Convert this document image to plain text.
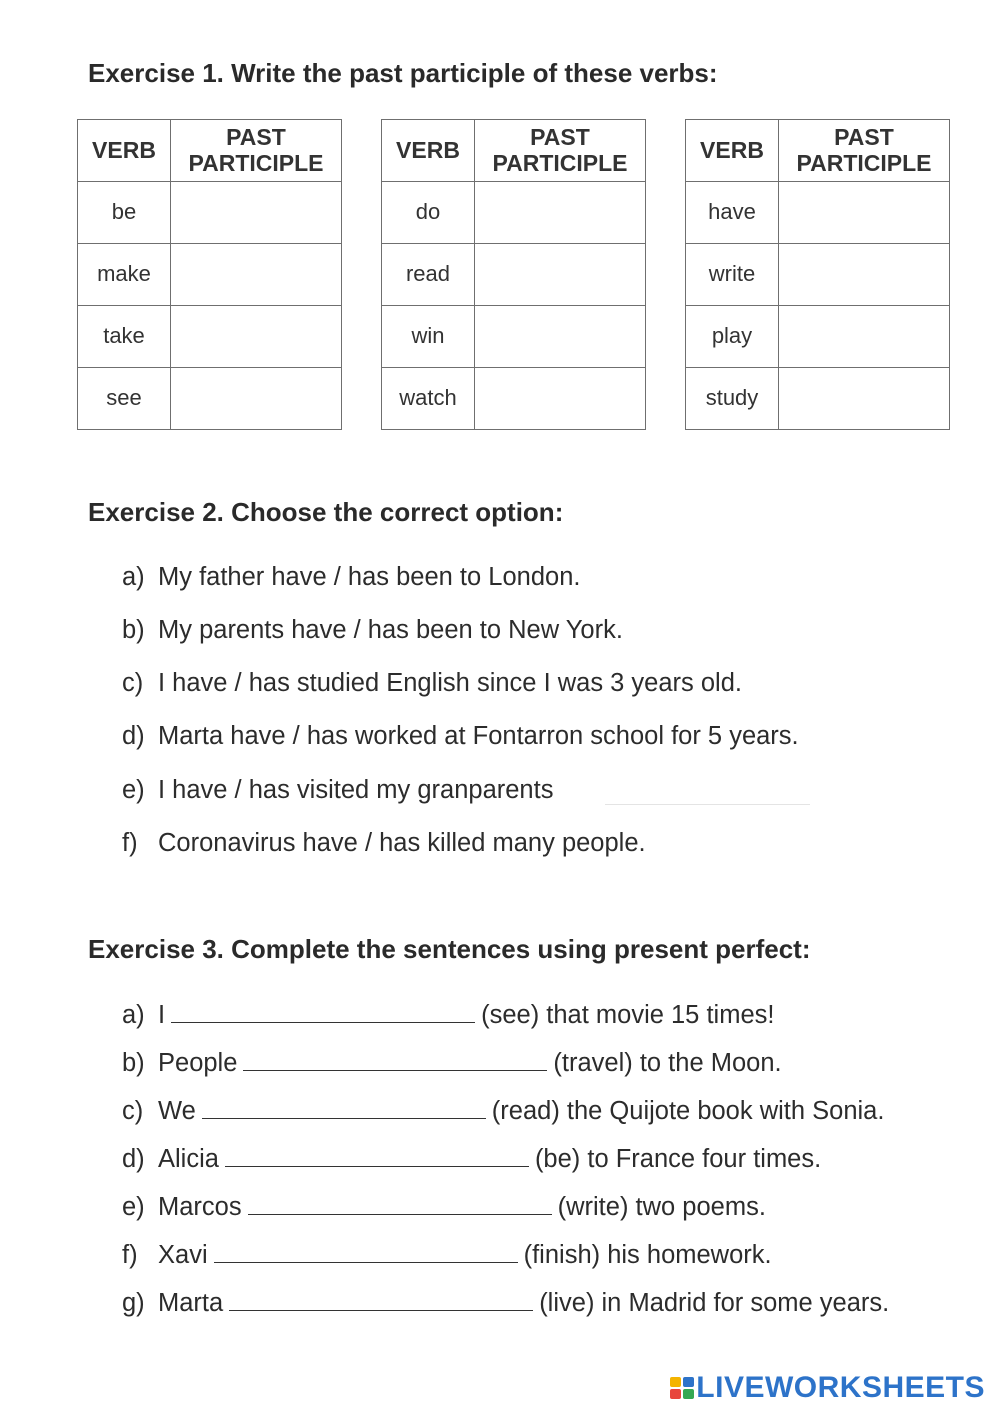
Exercise 1. Write the past participle of these verbs:
VERB	PAST
PARTICIPLE
be	
make	
take	
see	
VERB	PAST
PARTICIPLE
do	
read	
win	
watch	
VERB	PAST
PARTICIPLE
have	
write	
play	
study	
Exercise 2. Choose the correct option:
a) My father have / has been to London.
b) My parents have / has been to New York.
c) I have / has studied English since I was 3 years old.
d) Marta have / has worked at Fontarron school for 5 years.
e) I have / has visited my granparents
f) Coronavirus have / has killed many people.
Exercise 3. Complete the sentences using present perfect:
a) I	(see) that movie 15 times!
b) People	(travel) to the Moon.
c) We	(read) the Quijote book with Sonia.
d) Alicia	(be) to France four times.
e) Marcos	(write) two poems.
f) Xavi	(finish) his homework.
g) Marta	(live) in Madrid for some years.
LIVEWORKSHEETS
